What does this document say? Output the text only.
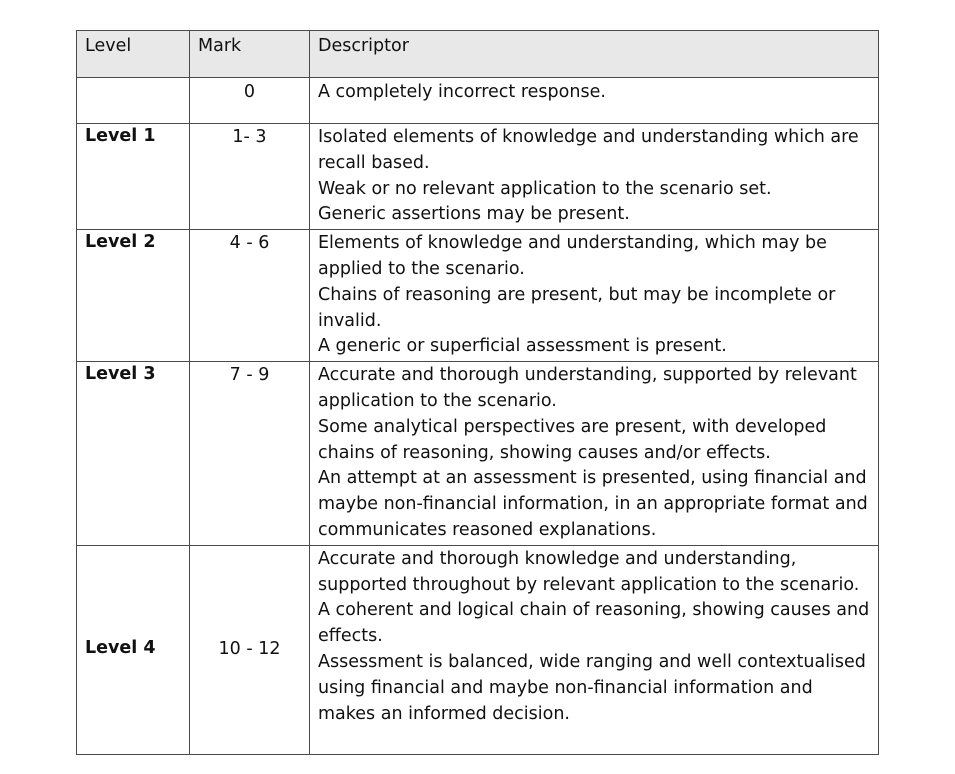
Level	Mark	Descriptor
	0	A completely incorrect response.

Level 1	1- 3	Isolated elements of knowledge and understanding which are recall based.
Weak or no relevant application to the scenario set.
Generic assertions may be present.

Level 2	4 - 6	Elements of knowledge and understanding, which may be applied to the scenario.
Chains of reasoning are present, but may be incomplete or invalid.
A generic or superficial assessment is present.

Level 3	7 - 9	Accurate and thorough understanding, supported by relevant application to the scenario.
Some analytical perspectives are present, with developed chains of reasoning, showing causes and/or effects.
An attempt at an assessment is presented, using financial and maybe non-financial information, in an appropriate format and communicates reasoned explanations.

Level 4	10 - 12	Accurate and thorough knowledge and understanding, supported throughout by relevant application to the scenario.
A coherent and logical chain of reasoning, showing causes and effects.
Assessment is balanced, wide ranging and well contextualised using financial and maybe non-financial information and makes an informed decision.
